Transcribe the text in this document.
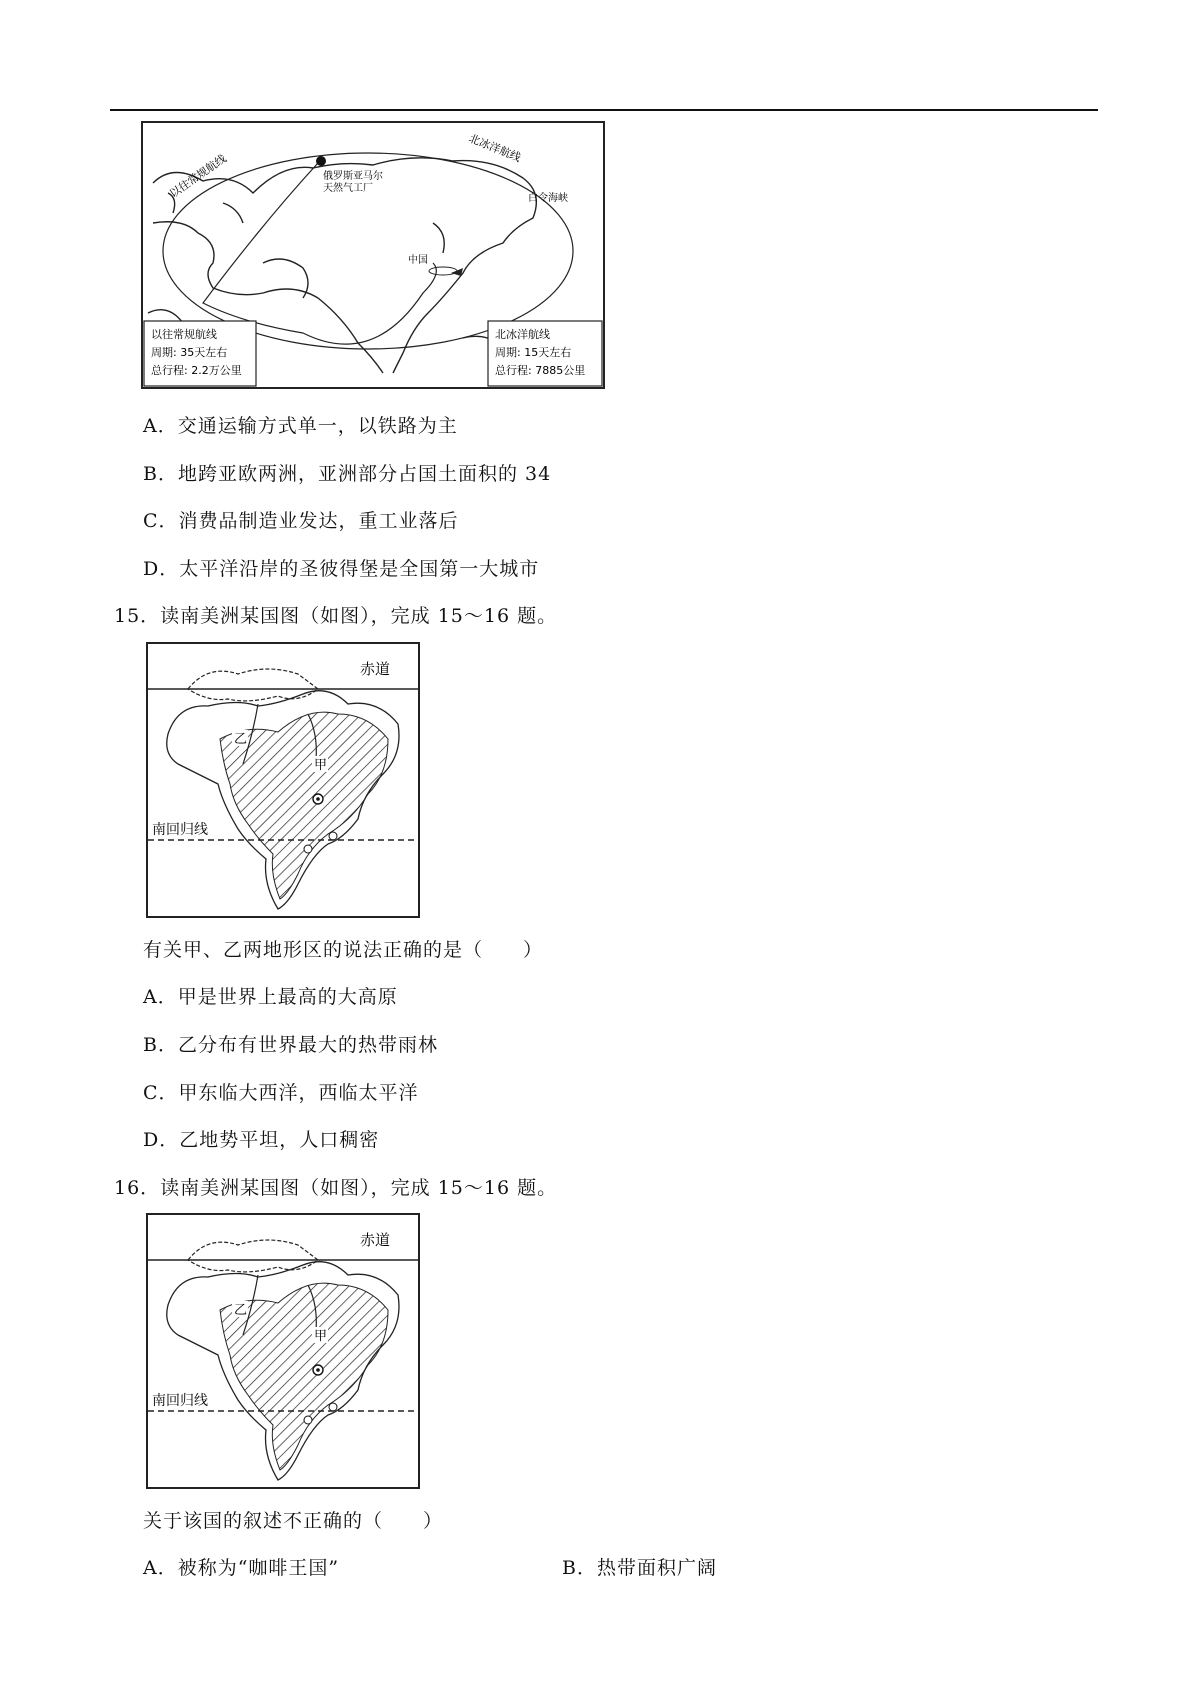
以往常规航线
北冰洋航线
俄罗斯亚马尔
天然气工厂
白令海峡
中国
以往常规航线
周期: 35天左右
总行程: 2.2万公里
北冰洋航线
周期: 15天左右
总行程: 7885公里
A．交通运输方式单一，以铁路为主
B．地跨亚欧两洲，亚洲部分占国土面积的 34
C．消费品制造业发达，重工业落后
D．太平洋沿岸的圣彼得堡是全国第一大城市
15．读南美洲某国图（如图），完成 15～16 题。
赤道
甲
乙
南回归线
有关甲、乙两地形区的说法正确的是（　　）
A．甲是世界上最高的大高原
B．乙分布有世界最大的热带雨林
C．甲东临大西洋，西临太平洋
D．乙地势平坦，人口稠密
16．读南美洲某国图（如图），完成 15～16 题。
赤道
甲
乙
南回归线
关于该国的叙述不正确的（　　）
A．被称为“咖啡王国”	B．热带面积广阔
